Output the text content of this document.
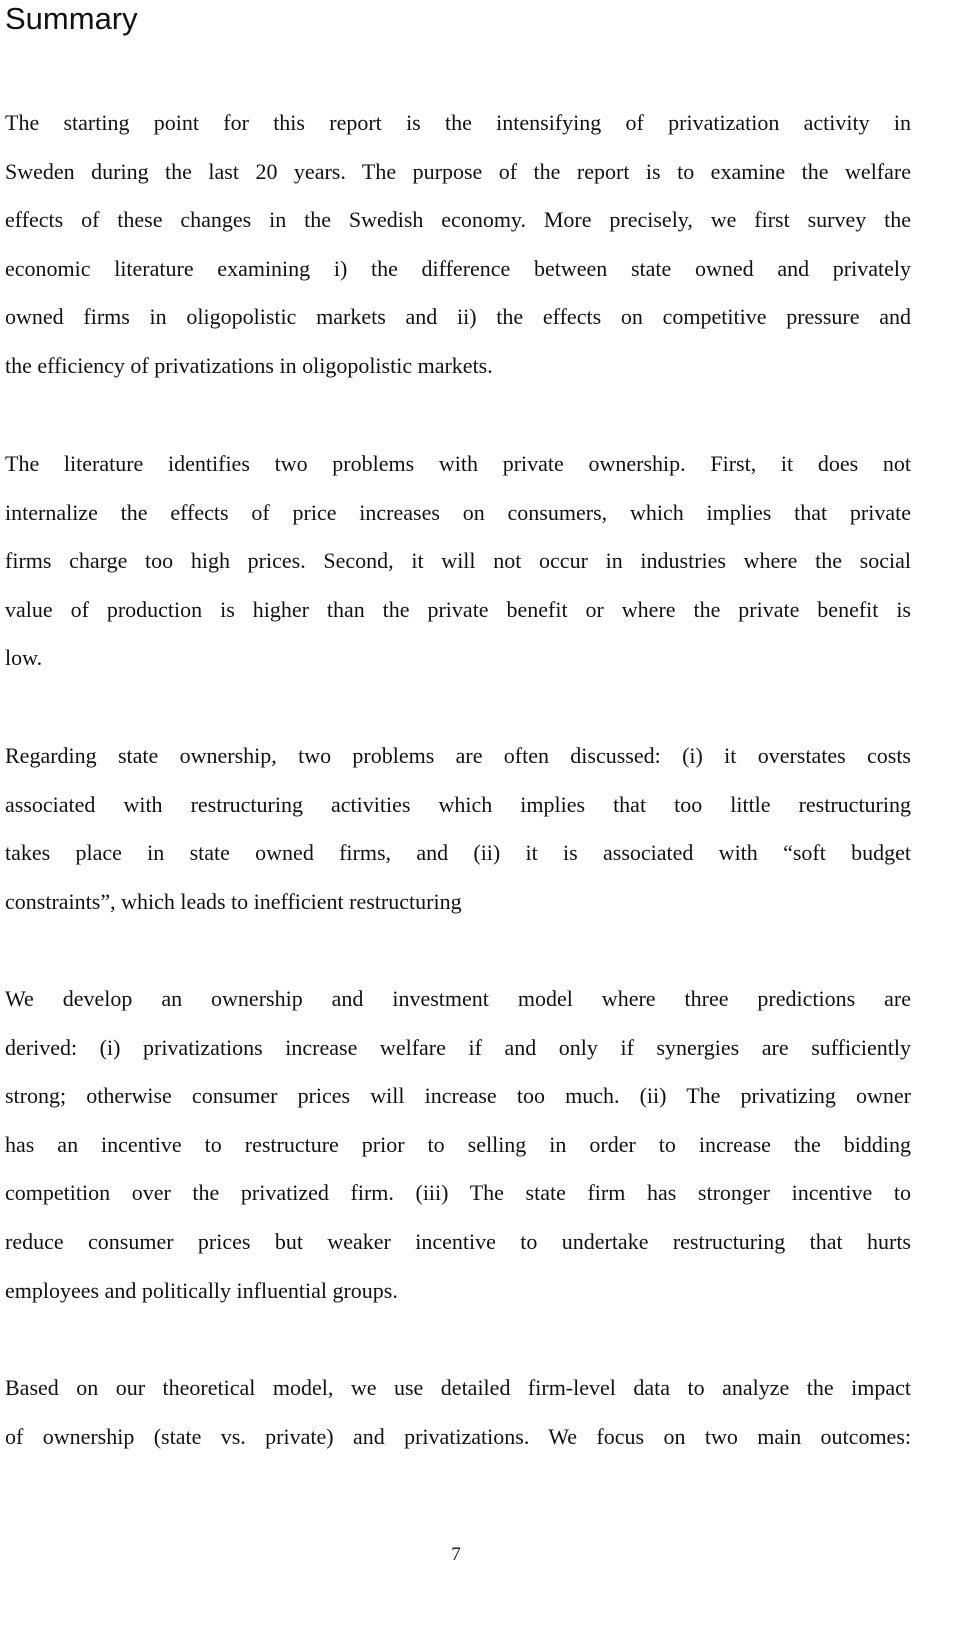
Summary
The starting point for this report is the intensifying of privatization activity in
Sweden during the last 20 years. The purpose of the report is to examine the welfare
effects of these changes in the Swedish economy. More precisely, we first survey the
economic literature examining i) the difference between state owned and privately
owned firms in oligopolistic markets and ii) the effects on competitive pressure and
the efficiency of privatizations in oligopolistic markets.
The literature identifies two problems with private ownership. First, it does not
internalize the effects of price increases on consumers, which implies that private
firms charge too high prices. Second, it will not occur in industries where the social
value of production is higher than the private benefit or where the private benefit is
low.
Regarding state ownership, two problems are often discussed: (i) it overstates costs
associated with restructuring activities which implies that too little restructuring
takes place in state owned firms, and (ii) it is associated with “soft budget
constraints”, which leads to inefficient restructuring
We develop an ownership and investment model where three predictions are
derived: (i) privatizations increase welfare if and only if synergies are sufficiently
strong; otherwise consumer prices will increase too much. (ii) The privatizing owner
has an incentive to restructure prior to selling in order to increase the bidding
competition over the privatized firm. (iii) The state firm has stronger incentive to
reduce consumer prices but weaker incentive to undertake restructuring that hurts
employees and politically influential groups.
Based on our theoretical model, we use detailed firm-level data to analyze the impact
of ownership (state vs. private) and privatizations. We focus on two main outcomes:
7
